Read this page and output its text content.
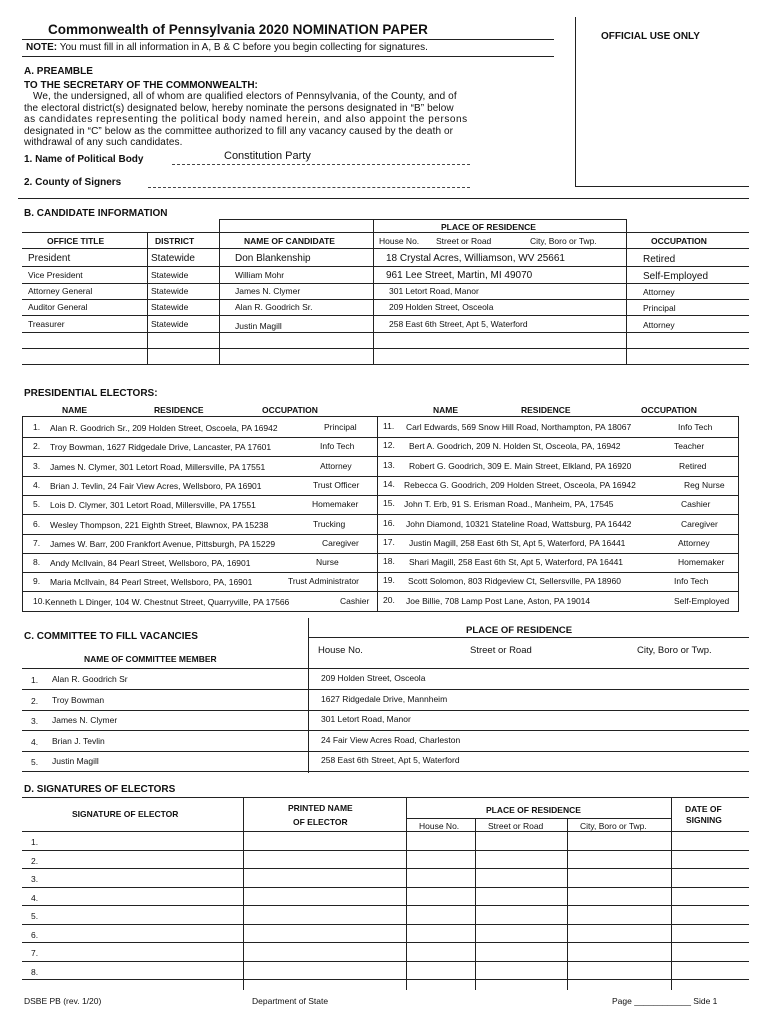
Commonwealth of Pennsylvania 2020 NOMINATION PAPER
NOTE: You must fill in all information in A, B & C before you begin collecting for signatures.
OFFICIAL USE ONLY
A. PREAMBLE
TO THE SECRETARY OF THE COMMONWEALTH:
We, the undersigned, all of whom are qualified electors of Pennsylvania, of the County, and of
the electoral district(s) designated below, hereby nominate the persons designated in “B” below
as candidates representing the political body named herein, and also appoint the persons
designated in “C” below as the committee authorized to fill any vacancy caused by the death or
withdrawal of any such candidates.
1. Name of Political Body	Constitution Party
2. County of Signers
B. CANDIDATE INFORMATION
PLACE OF RESIDENCE
OFFICE TITLE	DISTRICT	NAME OF CANDIDATE	House No. Street or Road	City, Boro or Twp.	OCCUPATION
President	Statewide	Don Blankenship	18 Crystal Acres, Williamson, WV 25661	Retired
Vice President	Statewide	William Mohr	961 Lee Street, Martin, MI 49070	Self-Employed
Attorney General	Statewide	James N. Clymer	301 Letort Road, Manor	Attorney
Auditor General	Statewide	Alan R. Goodrich Sr.	209 Holden Street, Osceola	Principal
Treasurer	Statewide	Justin Magill	258 East 6th Street, Apt 5, Waterford	Attorney
PRESIDENTIAL ELECTORS:
NAME	RESIDENCE	OCCUPATION	NAME	RESIDENCE	OCCUPATION
1. Alan R. Goodrich Sr., 209 Holden Street, Oscoela, PA 16942	Principal	11. Carl Edwards, 569 Snow Hill Road, Northampton, PA 18067	Info Tech
2. Troy Bowman, 1627 Ridgedale Drive, Lancaster, PA 17601	Info Tech	12. Bert A. Goodrich, 209 N. Holden St, Osceola, PA, 16942	Teacher
3. James N. Clymer, 301 Letort Road, Millersville, PA 17551	Attorney	13. Robert G. Goodrich, 309 E. Main Street, Elkland, PA 16920	Retired
4. Brian J. Tevlin, 24 Fair View Acres, Wellsboro, PA 16901	Trust Officer	14. Rebecca G. Goodrich, 209 Holden Street, Osceola, PA 16942	Reg Nurse
5. Lois D. Clymer, 301 Letort Road, Millersville, PA 17551	Homemaker	15. John T. Erb, 91 S. Erisman Road., Manheim, PA, 17545	Cashier
6. Wesley Thompson, 221 Eighth Street, Blawnox, PA 15238	Trucking	16. John Diamond, 10321 Stateline Road, Wattsburg, PA 16442	Caregiver
7. James W. Barr, 200 Frankfort Avenue, Pittsburgh, PA 15229	Caregiver	17. Justin Magill, 258 East 6th St, Apt 5, Waterford, PA 16441	Attorney
8. Andy McIlvain, 84 Pearl Street, Wellsboro, PA, 16901	Nurse	18. Shari Magill, 258 East 6th St, Apt 5, Waterford, PA 16441	Homemaker
9. Maria McIlvain, 84 Pearl Street, Wellsboro, PA, 16901	Trust Administrator	19. Scott Solomon, 803 Ridgeview Ct, Sellersville, PA 18960	Info Tech
10. Kenneth L Dinger, 104 W. Chestnut Street, Quarryville, PA 17566	Cashier 20. Joe Billie, 708 Lamp Post Lane, Aston, PA 19014	Self-Employed
PLACE OF RESIDENCE
C. COMMITTEE TO FILL VACANCIES
House No.	Street or Road	City, Boro or Twp.
NAME OF COMMITTEE MEMBER
1. Alan R. Goodrich Sr	209 Holden Street, Osceola
2. Troy Bowman	1627 Ridgedale Drive, Mannheim
3. James N. Clymer	301 Letort Road, Manor
4. Brian J. Tevlin	24 Fair View Acres Road, Charleston
5. Justin Magill	258 East 6th Street, Apt 5, Waterford
D. SIGNATURES OF ELECTORS
SIGNATURE OF ELECTOR
PRINTED NAME
OF ELECTOR
PLACE OF RESIDENCE
House No.	Street or Road	City, Boro or Twp.
DATE OF
SIGNING
1.
2.
3.
4.
5.
6.
7.
8.
DSBE PB (rev. 1/20)	Department of State	Page ____________ Side 1
